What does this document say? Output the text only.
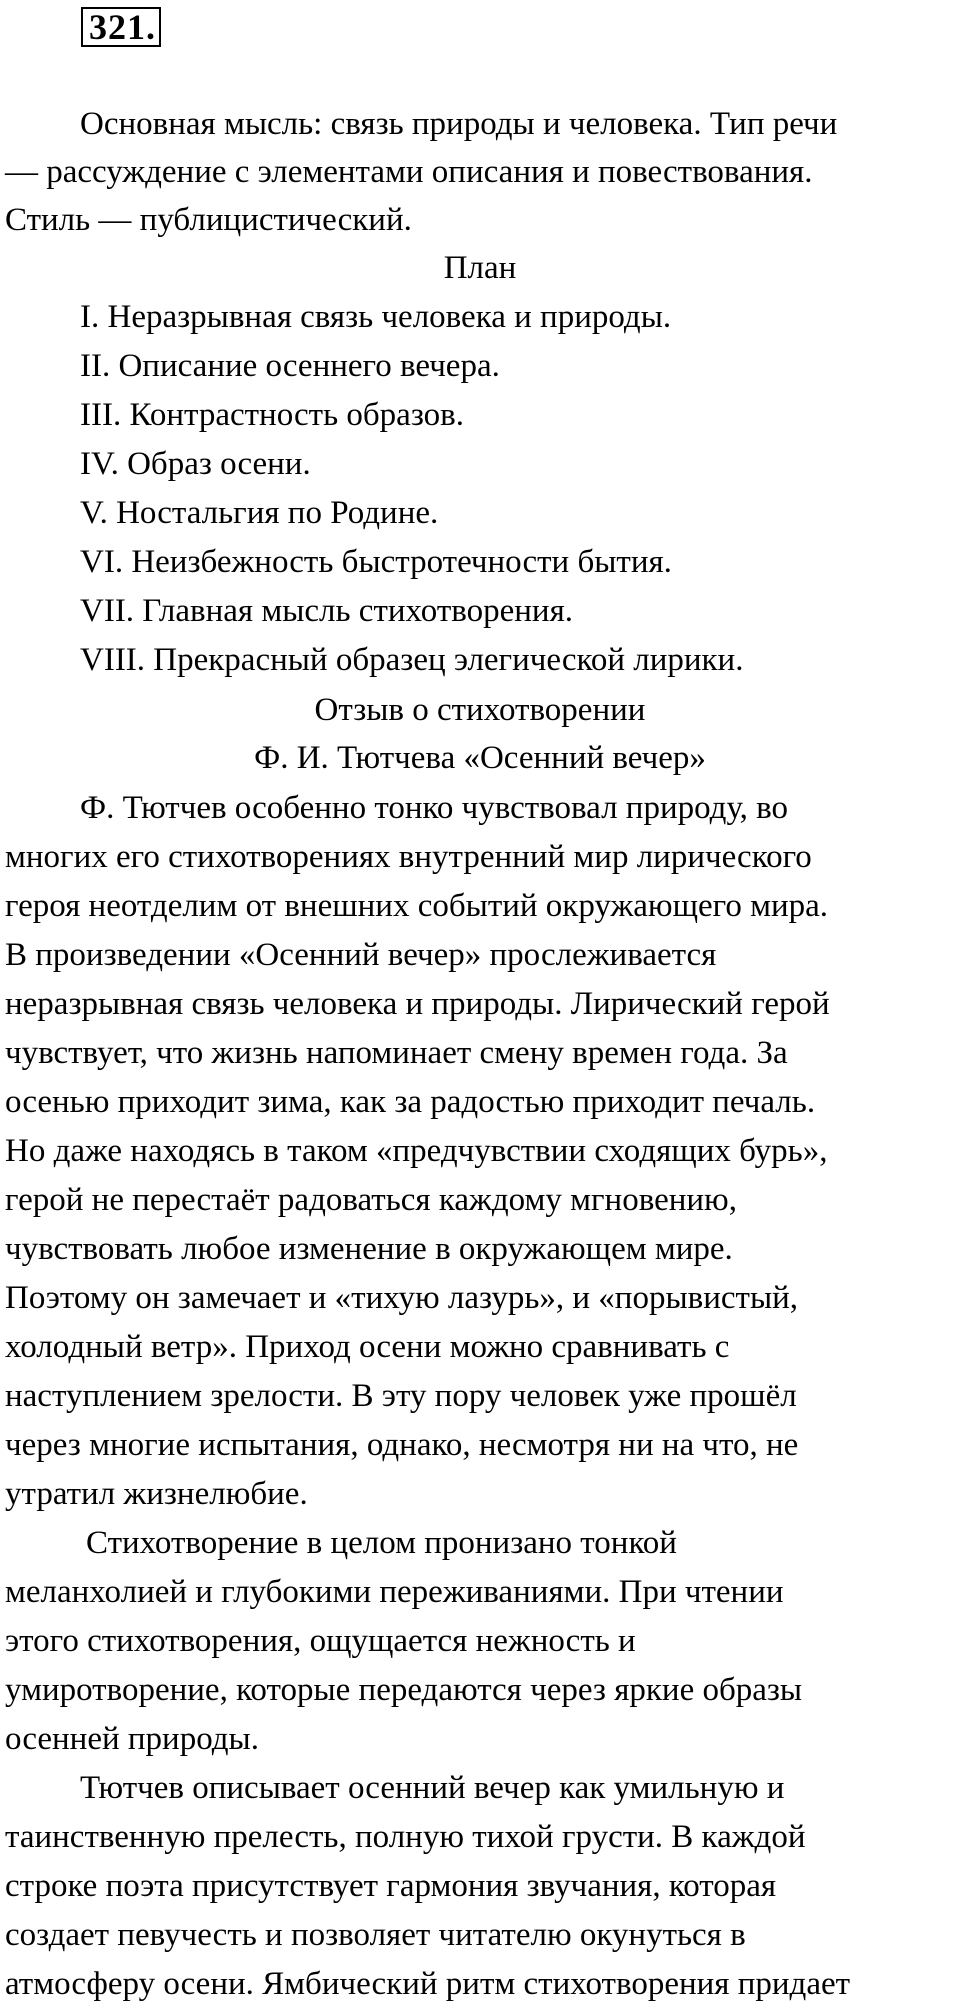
321.
Основная мысль: связь природы и человека. Тип речи
— рассуждение с элементами описания и повествования.
Стиль — публицистический.
План
I. Неразрывная связь человека и природы.
II. Описание осеннего вечера.
III. Контрастность образов.
IV. Образ осени.
V. Ностальгия по Родине.
VI. Неизбежность быстротечности бытия.
VII. Главная мысль стихотворения.
VIII. Прекрасный образец элегической лирики.
Отзыв о стихотворении
Ф. И. Тютчева «Осенний вечер»
Ф. Тютчев особенно тонко чувствовал природу, во
многих его стихотворениях внутренний мир лирического
героя неотделим от внешних событий окружающего мира.
В произведении «Осенний вечер» прослеживается
неразрывная связь человека и природы. Лирический герой
чувствует, что жизнь напоминает смену времен года. За
осенью приходит зима, как за радостью приходит печаль.
Но даже находясь в таком «предчувствии сходящих бурь»,
герой не перестаёт радоваться каждому мгновению,
чувствовать любое изменение в окружающем мире.
Поэтому он замечает и «тихую лазурь», и «порывистый,
холодный ветр». Приход осени можно сравнивать с
наступлением зрелости. В эту пору человек уже прошёл
через многие испытания, однако, несмотря ни на что, не
утратил жизнелюбие.
Стихотворение в целом пронизано тонкой
меланхолией и глубокими переживаниями. При чтении
этого стихотворения, ощущается нежность и
умиротворение, которые передаются через яркие образы
осенней природы.
Тютчев описывает осенний вечер как умильную и
таинственную прелесть, полную тихой грусти. В каждой
строке поэта присутствует гармония звучания, которая
создает певучесть и позволяет читателю окунуться в
атмосферу осени. Ямбический ритм стихотворения придает
